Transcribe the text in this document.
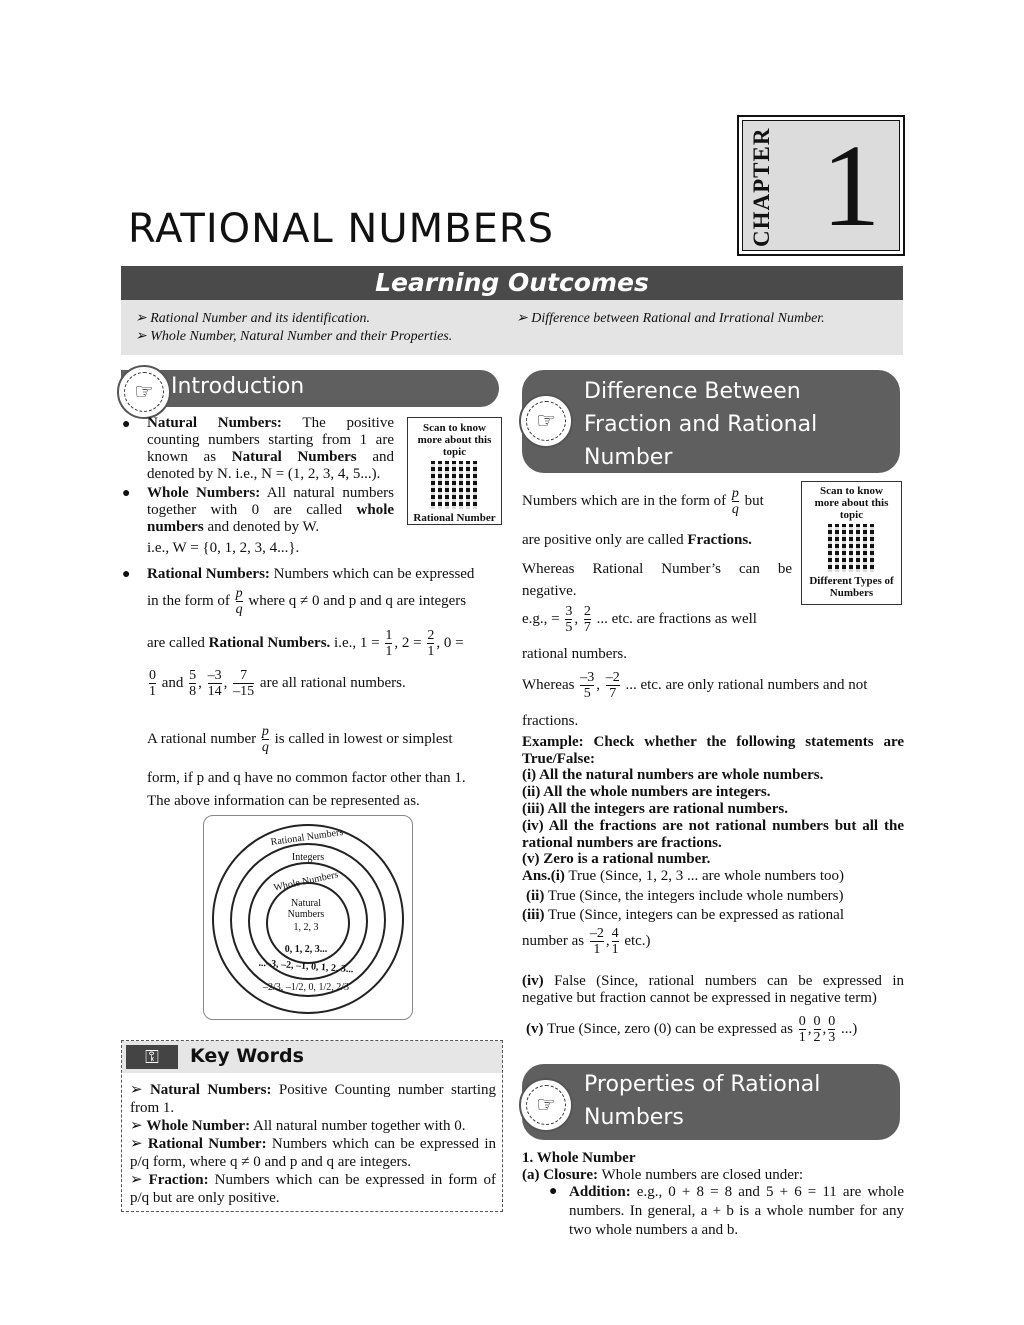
CHAPTER 1
RATIONAL NUMBERS
Learning Outcomes
➢ Rational Number and its identification.
➢ Whole Number, Natural Number and their Properties.
➢ Difference between Rational and Irrational Number.
Introduction
☞
● Natural Numbers: The positive counting numbers starting from 1 are known as Natural Numbers and denoted by N. i.e., N = (1, 2, 3, 4, 5...).
Scan to know more about this topic
Rational Number
● Whole Numbers: All natural numbers together with 0 are called whole numbers and denoted by W.
i.e., W = {0, 1, 2, 3, 4...}.
● Rational Numbers: Numbers which can be expressed
in the form of $\frac{p}{q}$ where q ≠ 0 and p and q are integers
are called Rational Numbers. i.e., $1 = \frac{1}{1}$ , $2 = \frac{2}{1}$ , 0 =
$\frac{0}{1}$ and $\frac{5}{8}$ , $\frac{-3}{14}$ , $\frac{7}{-15}$ are all rational numbers.
A rational number $\frac{p}{q}$ is called in lowest or simplest
form, if p and q have no common factor other than 1.
The above information can be represented as.
Rational Numbers
Integers
Whole Numbers
Natural Numbers
1, 2, 3
0, 1, 2, 3...
...–3, –2, –1, 0, 1, 2, 3...
–2/3, –1/2, 0, 1/2, 2/3
⚿	Key Words
➢ Natural Numbers: Positive Counting number starting from 1.
➢ Whole Number: All natural number together with 0.
➢ Rational Number: Numbers which can be expressed in p/q form, where q ≠ 0 and p and q are integers.
➢ Fraction: Numbers which can be expressed in form of p/q but are only positive.
Difference Between Fraction and Rational Number
☞
Numbers which are in the form of $\frac{p}{q}$ but
are positive only are called Fractions.
Whereas Rational Number’s can be negative.
Scan to know more about this topic
Different Types of Numbers
e.g., = $\frac{3}{5}$ , $\frac{2}{7}$ ... etc. are fractions as well
rational numbers.
Whereas $\frac{-3}{5}$ , $\frac{-2}{7}$ ... etc. are only rational numbers and not
fractions.
Example: Check whether the following statements are True/False:
(i) All the natural numbers are whole numbers.
(ii) All the whole numbers are integers.
(iii) All the integers are rational numbers.
(iv) All the fractions are not rational numbers but all the rational numbers are fractions.
(v) Zero is a rational number.
Ans.(i) True (Since, 1, 2, 3 ... are whole numbers too)
(ii) True (Since, the integers include whole numbers)
(iii) True (Since, integers can be expressed as rational
number as $\frac{-2}{1}$ , $\frac{4}{1} etc$.)
(iv) False (Since, rational numbers can be expressed in negative but fraction cannot be expressed in negative term)
(v) True (Since, zero (0) can be expressed as $\frac{0}{1}$ , $\frac{0}{2}$ , $\frac{0}{3}$ ...)
Properties of Rational Numbers
☞
1. Whole Number
(a) Closure: Whole numbers are closed under:
● Addition: e.g., 0 + 8 = 8 and 5 + 6 = 11 are whole numbers. In general, a + b is a whole number for any two whole numbers a and b.
